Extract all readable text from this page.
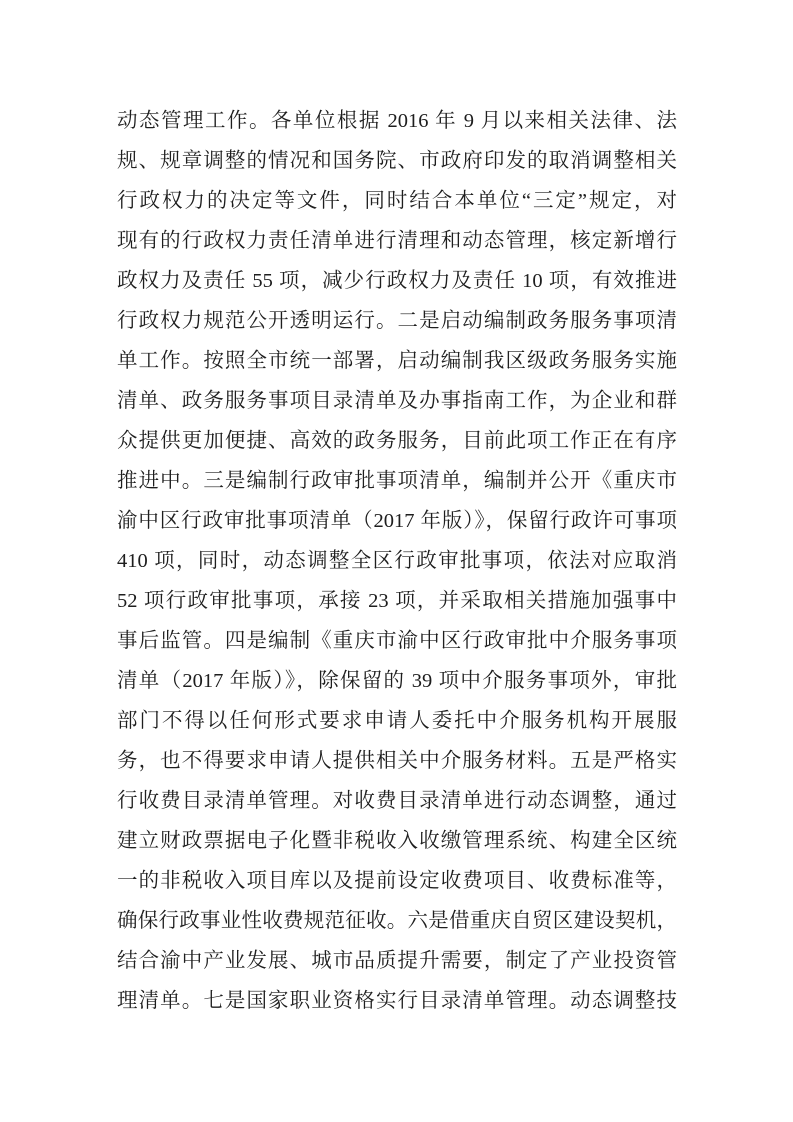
动态管理工作。各单位根据 2016 年 9 月以来相关法律、法
规、规章调整的情况和国务院、市政府印发的取消调整相关
行政权力的决定等文件，同时结合本单位“三定”规定，对
现有的行政权力责任清单进行清理和动态管理，核定新增行
政权力及责任 55 项，减少行政权力及责任 10 项，有效推进
行政权力规范公开透明运行。二是启动编制政务服务事项清
单工作。按照全市统一部署，启动编制我区级政务服务实施
清单、政务服务事项目录清单及办事指南工作，为企业和群
众提供更加便捷、高效的政务服务，目前此项工作正在有序
推进中。三是编制行政审批事项清单，编制并公开《重庆市
渝中区行政审批事项清单（2017 年版）》，保留行政许可事项
410 项，同时，动态调整全区行政审批事项，依法对应取消
52 项行政审批事项，承接 23 项，并采取相关措施加强事中
事后监管。四是编制《重庆市渝中区行政审批中介服务事项
清单（2017 年版）》，除保留的 39 项中介服务事项外，审批
部门不得以任何形式要求申请人委托中介服务机构开展服
务，也不得要求申请人提供相关中介服务材料。五是严格实
行收费目录清单管理。对收费目录清单进行动态调整，通过
建立财政票据电子化暨非税收入收缴管理系统、构建全区统
一的非税收入项目库以及提前设定收费项目、收费标准等，
确保行政事业性收费规范征收。六是借重庆自贸区建设契机，
结合渝中产业发展、城市品质提升需要，制定了产业投资管
理清单。七是国家职业资格实行目录清单管理。动态调整技
